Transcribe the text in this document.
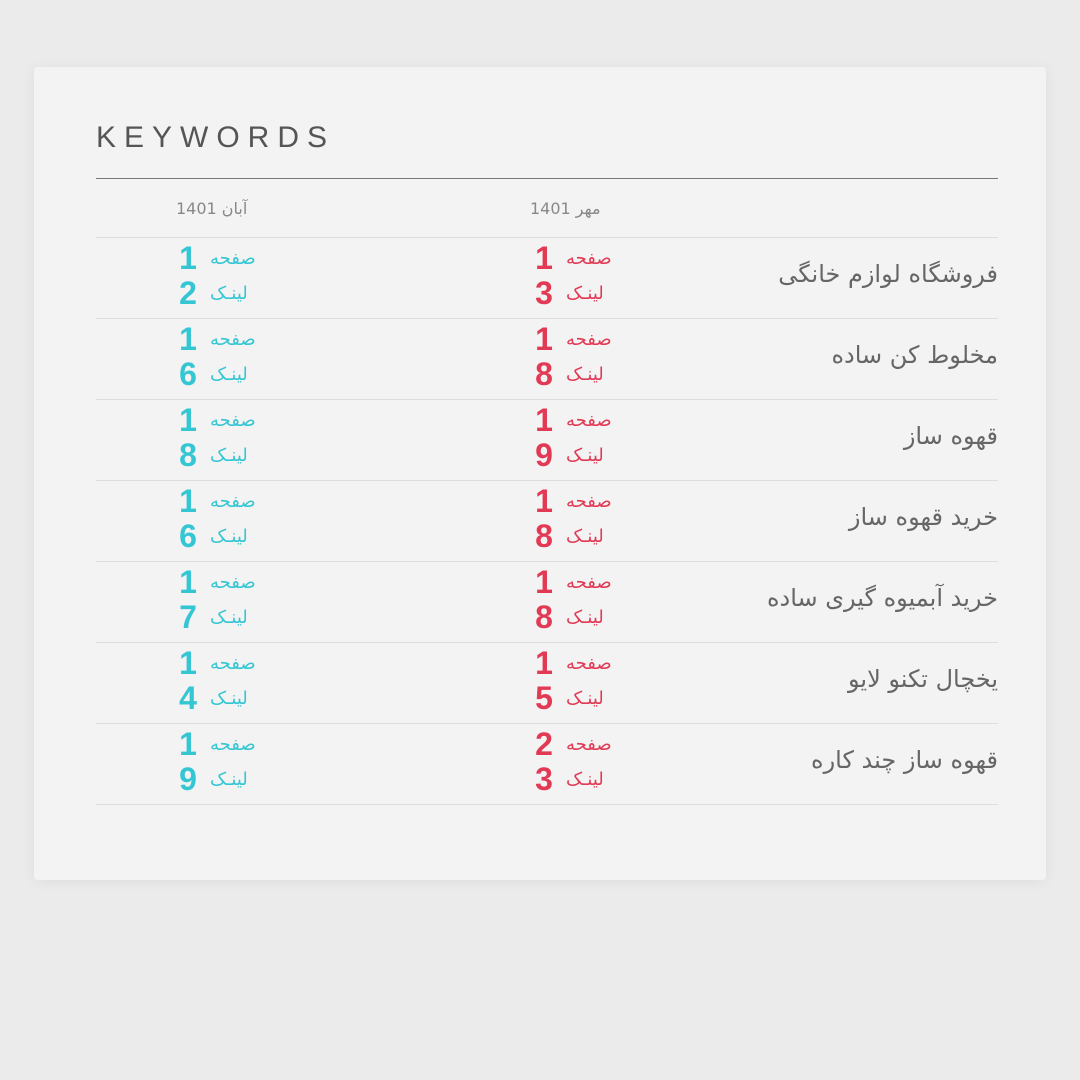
KEYWORDS
مهر 1401
آبان 1401
فروشگاه لوازم خانگی
1 صفحه
3 لینـک
1 صفحه
2 لینـک
مخلوط کن ساده
1 صفحه
8 لینـک
1 صفحه
6 لینـک
قهوه ساز
1 صفحه
9 لینـک
1 صفحه
8 لینـک
خرید قهوه ساز
1 صفحه
8 لینـک
1 صفحه
6 لینـک
خرید آبمیوه گیری ساده
1 صفحه
8 لینـک
1 صفحه
7 لینـک
یخچال تکنو لایو
1 صفحه
5 لینـک
1 صفحه
4 لینـک
قهوه ساز چند کاره
2 صفحه
3 لینـک
1 صفحه
9 لینـک
